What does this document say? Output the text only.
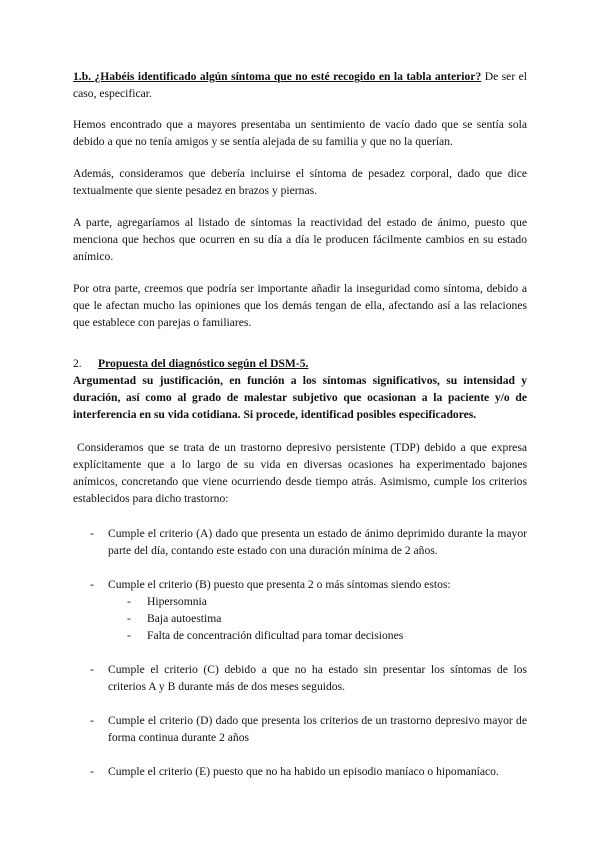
1.b. ¿Habéis identificado algún síntoma que no esté recogido en la tabla anterior? De ser el caso, especificar.

Hemos encontrado que a mayores presentaba un sentimiento de vacío dado que se sentía sola debido a que no tenía amigos y se sentía alejada de su familia y que no la querían.

Además, consideramos que debería incluirse el síntoma de pesadez corporal, dado que dice textualmente que siente pesadez en brazos y piernas.

A parte, agregaríamos al listado de síntomas la reactividad del estado de ánimo, puesto que menciona que hechos que ocurren en su día a día le producen fácilmente cambios en su estado anímico.

Por otra parte, creemos que podría ser importante añadir la inseguridad como síntoma, debido a que le afectan mucho las opiniones que los demás tengan de ella, afectando así a las relaciones que establece con parejas o familiares.

2. Propuesta del diagnóstico según el DSM-5.

Argumentad su justificación, en función a los síntomas significativos, su intensidad y duración, así como al grado de malestar subjetivo que ocasionan a la paciente y/o de interferencia en su vida cotidiana. Si procede, identificad posibles especificadores.

Consideramos que se trata de un trastorno depresivo persistente (TDP) debido a que expresa explícitamente que a lo largo de su vida en diversas ocasiones ha experimentado bajones anímicos, concretando que viene ocurriendo desde tiempo atrás. Asimismo, cumple los criterios establecidos para dicho trastorno:

- Cumple el criterio (A) dado que presenta un estado de ánimo deprimido durante la mayor parte del día, contando este estado con una duración mínima de 2 años.
- Cumple el criterio (B) puesto que presenta 2 o más síntomas siendo estos:
- Hipersomnia
- Baja autoestima
- Falta de concentración dificultad para tomar decisiones
- Cumple el criterio (C) debido a que no ha estado sin presentar los síntomas de los criterios A y B durante más de dos meses seguidos.
- Cumple el criterio (D) dado que presenta los criterios de un trastorno depresivo mayor de forma continua durante 2 años
- Cumple el criterio (E) puesto que no ha habido un episodio maníaco o hipomaníaco.
